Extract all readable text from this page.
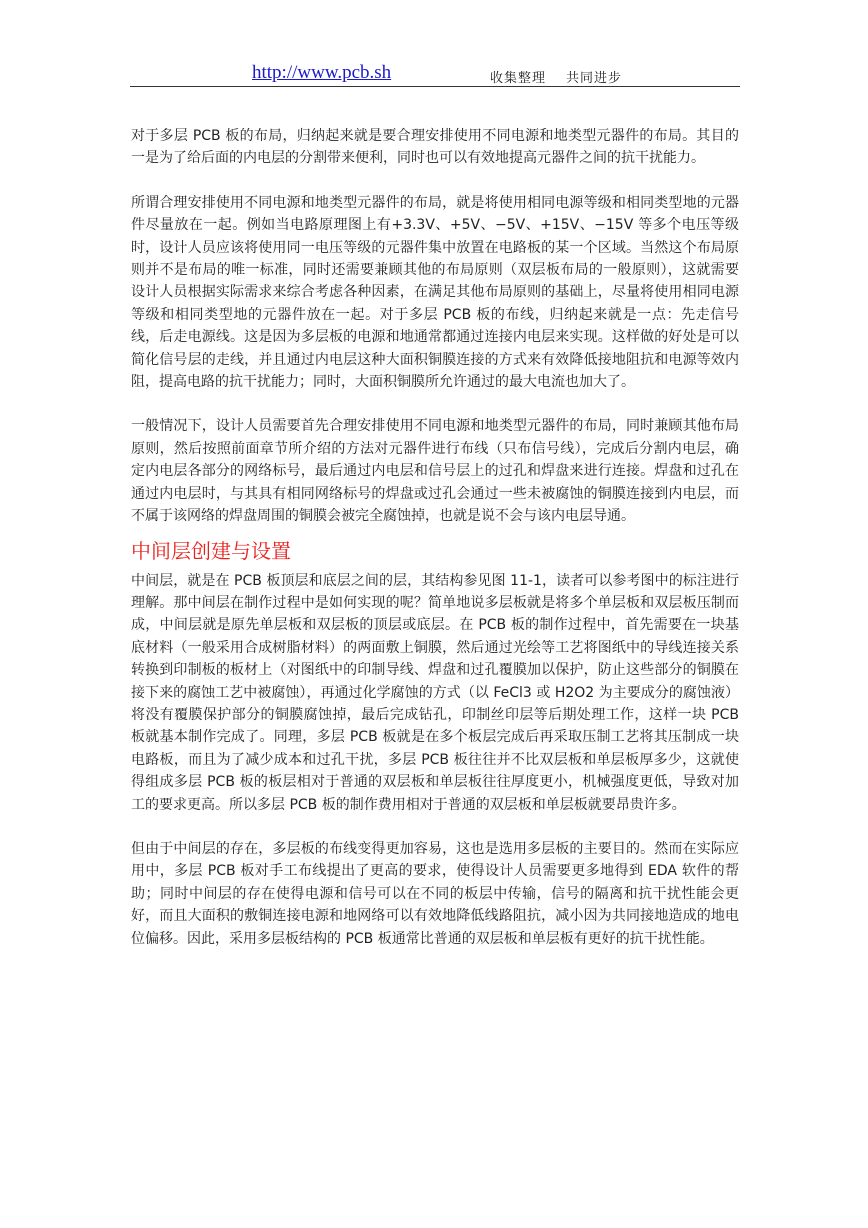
http://www.pcb.sh	收集整理 共同进步

对于多层 PCB 板的布局，归纳起来就是要合理安排使用不同电源和地类型元器件的布局。其目的一是为了给后面的内电层的分割带来便利，同时也可以有效地提高元器件之间的抗干扰能力。

所谓合理安排使用不同电源和地类型元器件的布局，就是将使用相同电源等级和相同类型地的元器件尽量放在一起。例如当电路原理图上有+3.3V、+5V、−5V、+15V、−15V 等多个电压等级时，设计人员应该将使用同一电压等级的元器件集中放置在电路板的某一个区域。当然这个布局原则并不是布局的唯一标准，同时还需要兼顾其他的布局原则（双层板布局的一般原则），这就需要设计人员根据实际需求来综合考虑各种因素，在满足其他布局原则的基础上，尽量将使用相同电源等级和相同类型地的元器件放在一起。对于多层 PCB 板的布线，归纳起来就是一点：先走信号线，后走电源线。这是因为多层板的电源和地通常都通过连接内电层来实现。这样做的好处是可以简化信号层的走线，并且通过内电层这种大面积铜膜连接的方式来有效降低接地阻抗和电源等效内阻，提高电路的抗干扰能力；同时，大面积铜膜所允许通过的最大电流也加大了。

一般情况下，设计人员需要首先合理安排使用不同电源和地类型元器件的布局，同时兼顾其他布局原则，然后按照前面章节所介绍的方法对元器件进行布线（只布信号线），完成后分割内电层，确定内电层各部分的网络标号，最后通过内电层和信号层上的过孔和焊盘来进行连接。焊盘和过孔在通过内电层时，与其具有相同网络标号的焊盘或过孔会通过一些未被腐蚀的铜膜连接到内电层，而不属于该网络的焊盘周围的铜膜会被完全腐蚀掉，也就是说不会与该内电层导通。

中间层创建与设置

中间层，就是在 PCB 板顶层和底层之间的层，其结构参见图 11-1，读者可以参考图中的标注进行理解。那中间层在制作过程中是如何实现的呢？简单地说多层板就是将多个单层板和双层板压制而成，中间层就是原先单层板和双层板的顶层或底层。在 PCB 板的制作过程中，首先需要在一块基底材料（一般采用合成树脂材料）的两面敷上铜膜，然后通过光绘等工艺将图纸中的导线连接关系转换到印制板的板材上（对图纸中的印制导线、焊盘和过孔覆膜加以保护，防止这些部分的铜膜在接下来的腐蚀工艺中被腐蚀），再通过化学腐蚀的方式（以 FeCl3 或 H2O2 为主要成分的腐蚀液）将没有覆膜保护部分的铜膜腐蚀掉，最后完成钻孔，印制丝印层等后期处理工作，这样一块 PCB 板就基本制作完成了。同理，多层 PCB 板就是在多个板层完成后再采取压制工艺将其压制成一块电路板，而且为了减少成本和过孔干扰，多层 PCB 板往往并不比双层板和单层板厚多少，这就使得组成多层 PCB 板的板层相对于普通的双层板和单层板往往厚度更小，机械强度更低，导致对加工的要求更高。所以多层 PCB 板的制作费用相对于普通的双层板和单层板就要昂贵许多。

但由于中间层的存在，多层板的布线变得更加容易，这也是选用多层板的主要目的。然而在实际应用中，多层 PCB 板对手工布线提出了更高的要求，使得设计人员需要更多地得到 EDA 软件的帮助；同时中间层的存在使得电源和信号可以在不同的板层中传输，信号的隔离和抗干扰性能会更好，而且大面积的敷铜连接电源和地网络可以有效地降低线路阻抗，减小因为共同接地造成的地电位偏移。因此，采用多层板结构的 PCB 板通常比普通的双层板和单层板有更好的抗干扰性能。
